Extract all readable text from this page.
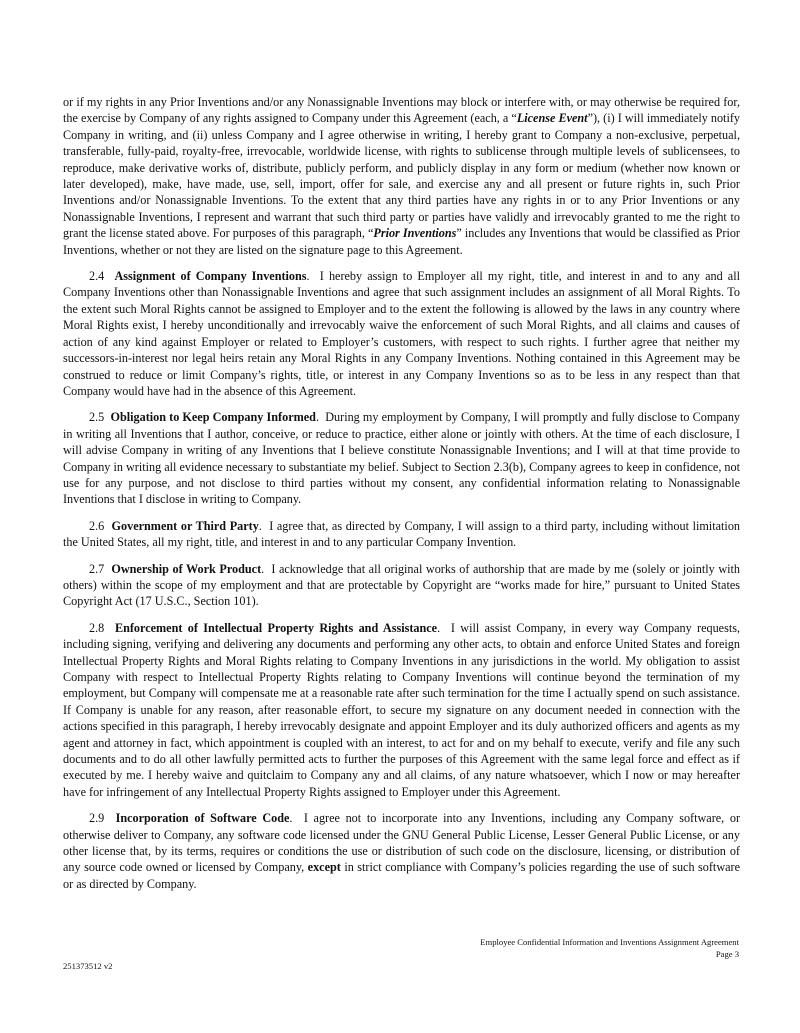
or if my rights in any Prior Inventions and/or any Nonassignable Inventions may block or interfere with, or may otherwise be required for, the exercise by Company of any rights assigned to Company under this Agreement (each, a “License Event”), (i) I will immediately notify Company in writing, and (ii) unless Company and I agree otherwise in writing, I hereby grant to Company a non-exclusive, perpetual, transferable, fully-paid, royalty-free, irrevocable, worldwide license, with rights to sublicense through multiple levels of sublicensees, to reproduce, make derivative works of, distribute, publicly perform, and publicly display in any form or medium (whether now known or later developed), make, have made, use, sell, import, offer for sale, and exercise any and all present or future rights in, such Prior Inventions and/or Nonassignable Inventions. To the extent that any third parties have any rights in or to any Prior Inventions or any Nonassignable Inventions, I represent and warrant that such third party or parties have validly and irrevocably granted to me the right to grant the license stated above. For purposes of this paragraph, “Prior Inventions” includes any Inventions that would be classified as Prior Inventions, whether or not they are listed on the signature page to this Agreement.

2.4 Assignment of Company Inventions.  I hereby assign to Employer all my right, title, and interest in and to any and all Company Inventions other than Nonassignable Inventions and agree that such assignment includes an assignment of all Moral Rights. To the extent such Moral Rights cannot be assigned to Employer and to the extent the following is allowed by the laws in any country where Moral Rights exist, I hereby unconditionally and irrevocably waive the enforcement of such Moral Rights, and all claims and causes of action of any kind against Employer or related to Employer’s customers, with respect to such rights. I further agree that neither my successors-in-interest nor legal heirs retain any Moral Rights in any Company Inventions. Nothing contained in this Agreement may be construed to reduce or limit Company’s rights, title, or interest in any Company Inventions so as to be less in any respect than that Company would have had in the absence of this Agreement.

2.5 Obligation to Keep Company Informed.  During my employment by Company, I will promptly and fully disclose to Company in writing all Inventions that I author, conceive, or reduce to practice, either alone or jointly with others. At the time of each disclosure, I will advise Company in writing of any Inventions that I believe constitute Nonassignable Inventions; and I will at that time provide to Company in writing all evidence necessary to substantiate my belief. Subject to Section 2.3(b), Company agrees to keep in confidence, not use for any purpose, and not disclose to third parties without my consent, any confidential information relating to Nonassignable Inventions that I disclose in writing to Company.

2.6 Government or Third Party.  I agree that, as directed by Company, I will assign to a third party, including without limitation the United States, all my right, title, and interest in and to any particular Company Invention.

2.7 Ownership of Work Product.  I acknowledge that all original works of authorship that are made by me (solely or jointly with others) within the scope of my employment and that are protectable by Copyright are “works made for hire,” pursuant to United States Copyright Act (17 U.S.C., Section 101).

2.8 Enforcement of Intellectual Property Rights and Assistance.  I will assist Company, in every way Company requests, including signing, verifying and delivering any documents and performing any other acts, to obtain and enforce United States and foreign Intellectual Property Rights and Moral Rights relating to Company Inventions in any jurisdictions in the world. My obligation to assist Company with respect to Intellectual Property Rights relating to Company Inventions will continue beyond the termination of my employment, but Company will compensate me at a reasonable rate after such termination for the time I actually spend on such assistance. If Company is unable for any reason, after reasonable effort, to secure my signature on any document needed in connection with the actions specified in this paragraph, I hereby irrevocably designate and appoint Employer and its duly authorized officers and agents as my agent and attorney in fact, which appointment is coupled with an interest, to act for and on my behalf to execute, verify and file any such documents and to do all other lawfully permitted acts to further the purposes of this Agreement with the same legal force and effect as if executed by me. I hereby waive and quitclaim to Company any and all claims, of any nature whatsoever, which I now or may hereafter have for infringement of any Intellectual Property Rights assigned to Employer under this Agreement.

2.9 Incorporation of Software Code.  I agree not to incorporate into any Inventions, including any Company software, or otherwise deliver to Company, any software code licensed under the GNU General Public License, Lesser General Public License, or any other license that, by its terms, requires or conditions the use or distribution of such code on the disclosure, licensing, or distribution of any source code owned or licensed by Company, except in strict compliance with Company’s policies regarding the use of such software or as directed by Company.

Employee Confidential Information and Inventions Assignment Agreement
Page 3
251373512 v2
